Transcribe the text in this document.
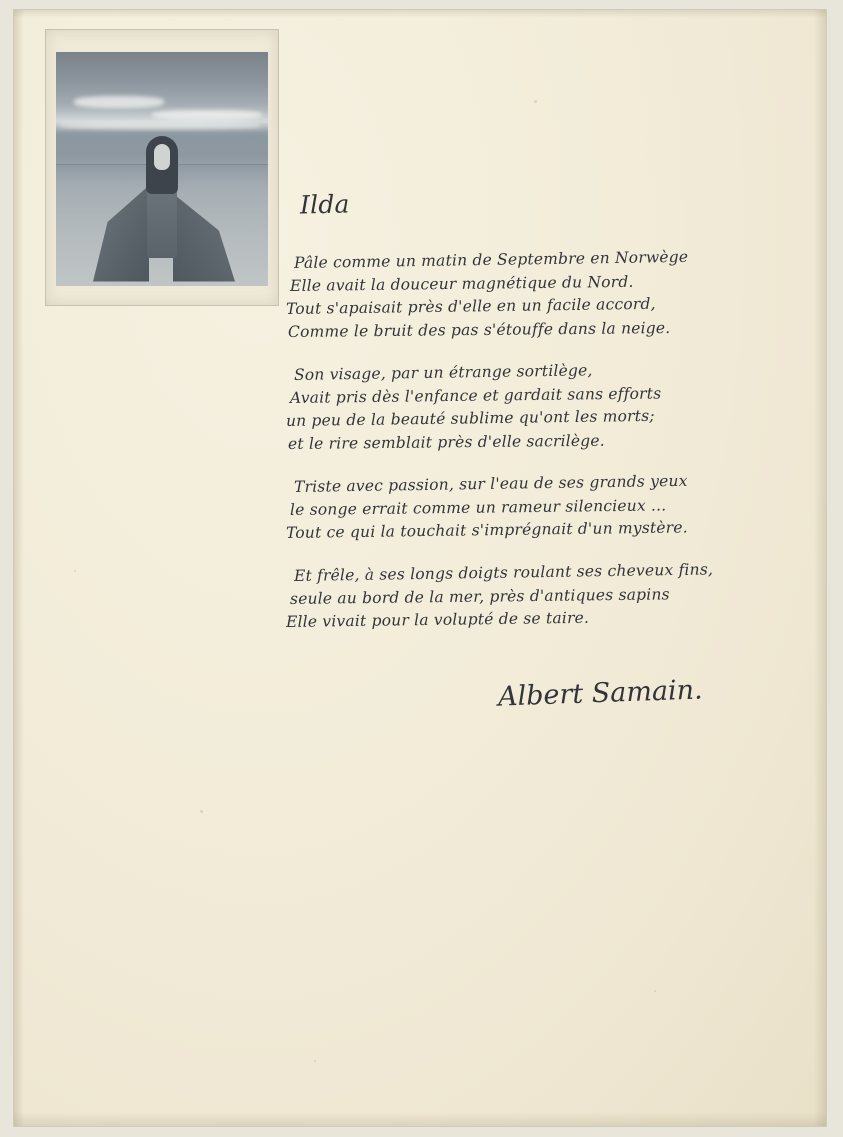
Ilda
Pâle comme un matin de Septembre en Norwège
Elle avait la douceur magnétique du Nord.
Tout s'apaisait près d'elle en un facile accord,
Comme le bruit des pas s'étouffe dans la neige.
Son visage, par un étrange sortilège,
Avait pris dès l'enfance et gardait sans efforts
un peu de la beauté sublime qu'ont les morts;
et le rire semblait près d'elle sacrilège.
Triste avec passion, sur l'eau de ses grands yeux
le songe errait comme un rameur silencieux ...
Tout ce qui la touchait s'imprégnait d'un mystère.
Et frêle, à ses longs doigts roulant ses cheveux fins,
seule au bord de la mer, près d'antiques sapins
Elle vivait pour la volupté de se taire.
Albert Samain.
